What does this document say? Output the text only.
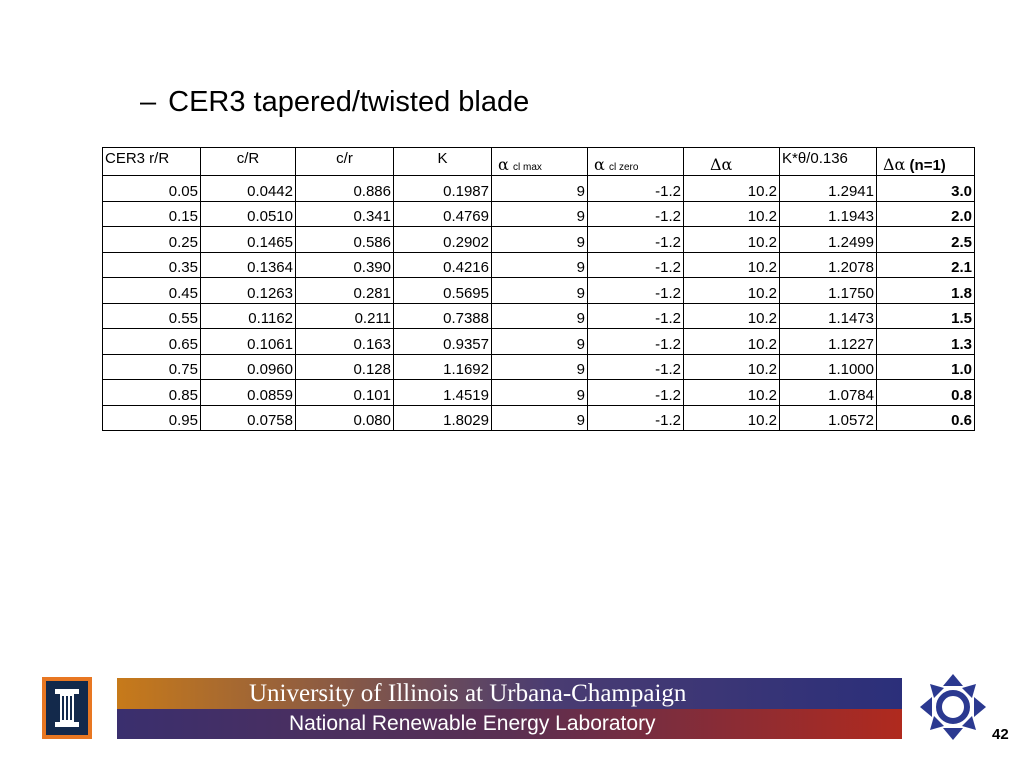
– CER3 tapered/twisted blade
CER3 r/R	c/R	c/r	K	α cl max	α cl zero	Δα	K*θ/0.136	Δα (n=1)
0.05	0.0442	0.886	0.1987	9	-1.2	10.2	1.2941	3.0
0.15	0.0510	0.341	0.4769	9	-1.2	10.2	1.1943	2.0
0.25	0.1465	0.586	0.2902	9	-1.2	10.2	1.2499	2.5
0.35	0.1364	0.390	0.4216	9	-1.2	10.2	1.2078	2.1
0.45	0.1263	0.281	0.5695	9	-1.2	10.2	1.1750	1.8
0.55	0.1162	0.211	0.7388	9	-1.2	10.2	1.1473	1.5
0.65	0.1061	0.163	0.9357	9	-1.2	10.2	1.1227	1.3
0.75	0.0960	0.128	1.1692	9	-1.2	10.2	1.1000	1.0
0.85	0.0859	0.101	1.4519	9	-1.2	10.2	1.0784	0.8
0.95	0.0758	0.080	1.8029	9	-1.2	10.2	1.0572	0.6
University of Illinois at Urbana-Champaign
National Renewable Energy Laboratory	42
